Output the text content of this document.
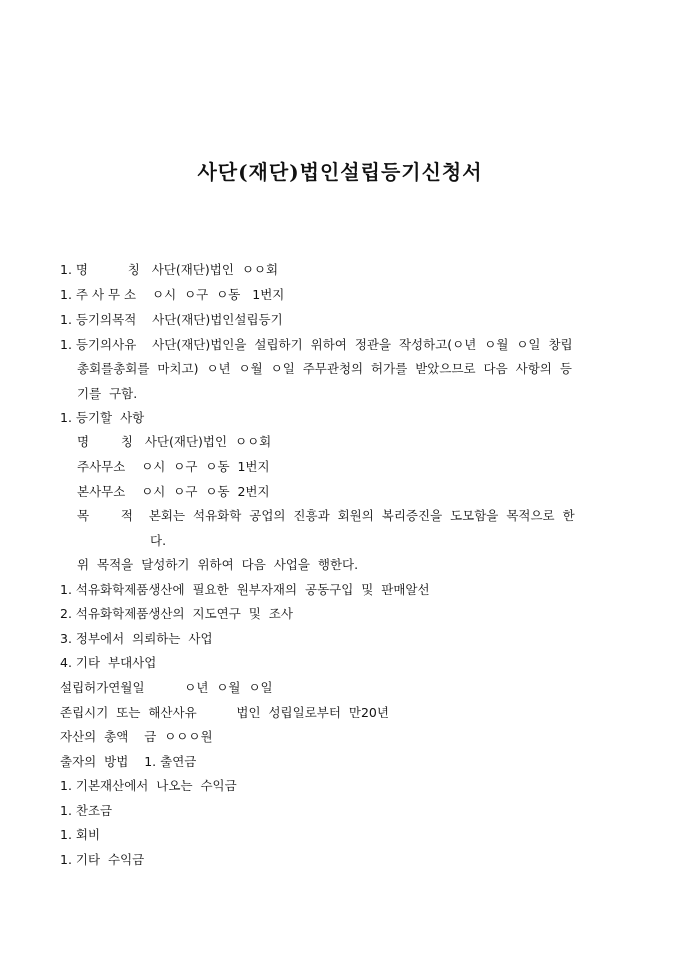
사단(재단)법인설립등기신청서
1. 명          칭   사단(재단)법인  ㅇㅇ회
1. 주 사 무 소    ㅇ시  ㅇ구  ㅇ동   1번지
1. 등기의목적    사단(재단)법인설립등기
1. 등기의사유    사단(재단)법인을  설립하기  위하여  정관을  작성하고(ㅇ년  ㅇ월  ㅇ일  창립
총회를총회를  마치고)  ㅇ년  ㅇ월  ㅇ일  주무관청의  허가를  받았으므로  다음  사항의  등
기를  구함.
1. 등기할  사항
명        칭   사단(재단)법인  ㅇㅇ회
주사무소    ㅇ시  ㅇ구  ㅇ동  1번지
본사무소    ㅇ시  ㅇ구  ㅇ동  2번지
목        적    본회는  석유화학  공업의  진흥과  회원의  복리증진을  도모함을  목적으로  한
다.
위  목적을  달성하기  위하여  다음  사업을  행한다.
1. 석유화학제품생산에  필요한  원부자재의  공동구입  및  판매알선
2. 석유화학제품생산의  지도연구  및  조사
3. 정부에서  의뢰하는  사업
4. 기타  부대사업
설립허가연월일          ㅇ년  ㅇ월  ㅇ일
존립시기  또는  해산사유          법인  성립일로부터  만20년
자산의  총액    금  ㅇㅇㅇ원
출자의  방법    1. 출연금
1. 기본재산에서  나오는  수익금
1. 찬조금
1. 회비
1. 기타  수익금
